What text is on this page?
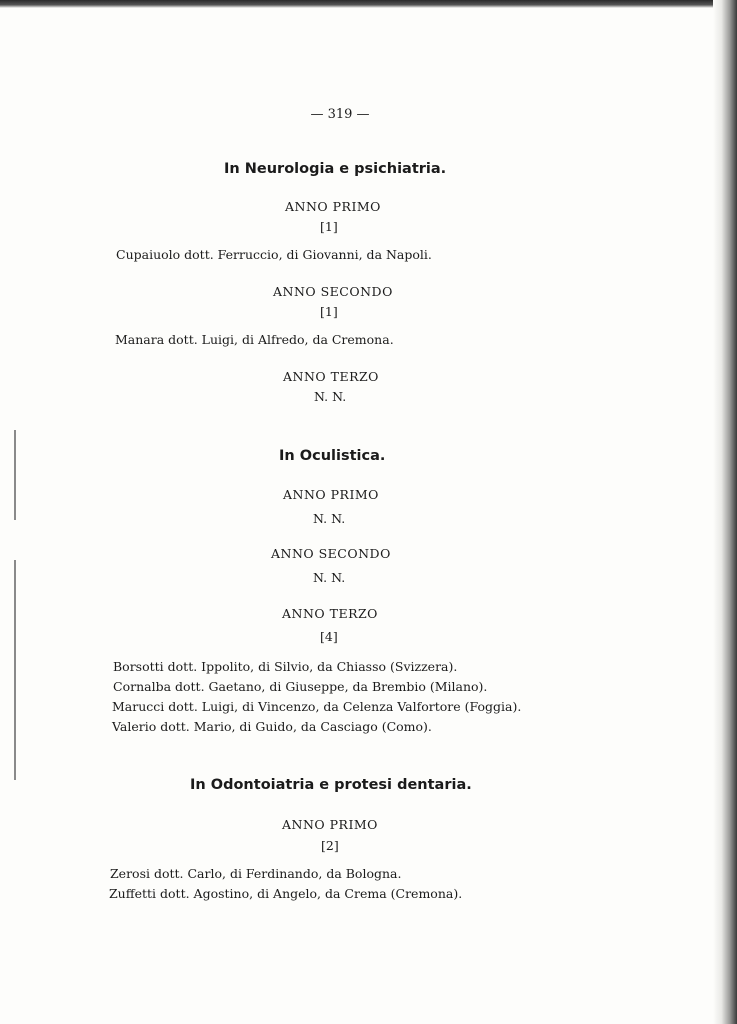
— 319 —
In Neurologia e psichiatria.
ANNO PRIMO
[1]
Cupaiuolo dott. Ferruccio, di Giovanni, da Napoli.
ANNO SECONDO
[1]
Manara dott. Luigi, di Alfredo, da Cremona.
ANNO TERZO
N. N.
In Oculistica.
ANNO PRIMO
N. N.
ANNO SECONDO
N. N.
ANNO TERZO
[4]
Borsotti dott. Ippolito, di Silvio, da Chiasso (Svizzera).
Cornalba dott. Gaetano, di Giuseppe, da Brembio (Milano).
Marucci dott. Luigi, di Vincenzo, da Celenza Valfortore (Foggia).
Valerio dott. Mario, di Guido, da Casciago (Como).
In Odontoiatria e protesi dentaria.
ANNO PRIMO
[2]
Zerosi dott. Carlo, di Ferdinando, da Bologna.
Zuffetti dott. Agostino, di Angelo, da Crema (Cremona).
